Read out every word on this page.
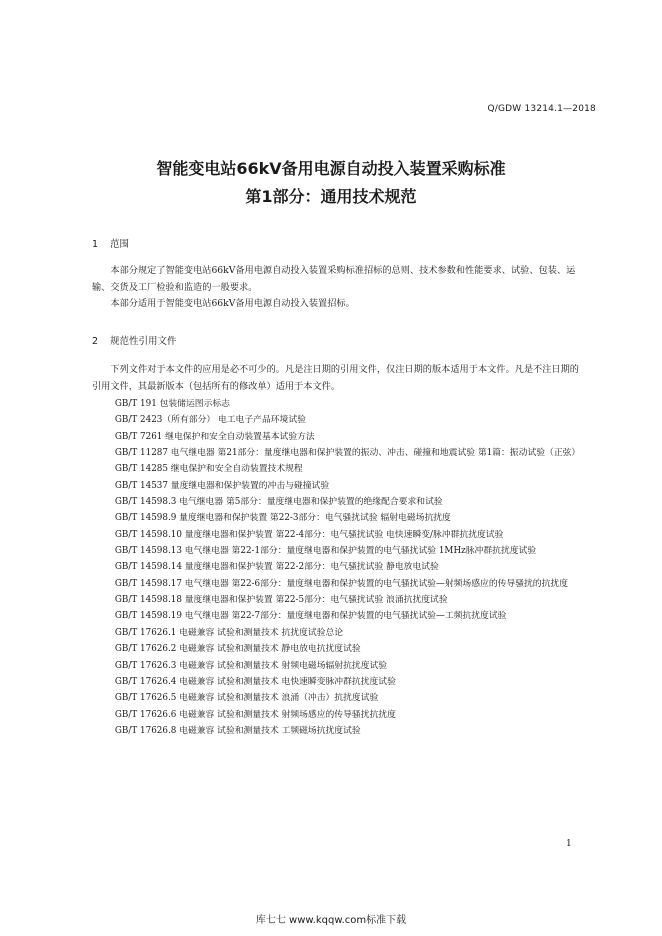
Q/GDW 13214.1—2018
智能变电站66kV备用电源自动投入装置采购标准
第1部分：通用技术规范
1 范围

本部分规定了智能变电站66kV备用电源自动投入装置采购标准招标的总则、技术参数和性能要求、试验、包装、运输、交货及工厂检验和监造的一般要求。

本部分适用于智能变电站66kV备用电源自动投入装置招标。

2 规范性引用文件

下列文件对于本文件的应用是必不可少的。凡是注日期的引用文件，仅注日期的版本适用于本文件。凡是不注日期的引用文件，其最新版本（包括所有的修改单）适用于本文件。

GB/T 191 包装储运图示标志
GB/T 2423（所有部分） 电工电子产品环境试验
GB/T 7261 继电保护和安全自动装置基本试验方法
GB/T 11287 电气继电器 第21部分：量度继电器和保护装置的振动、冲击、碰撞和地震试验 第1篇：振动试验（正弦）
GB/T 14285 继电保护和安全自动装置技术规程
GB/T 14537 量度继电器和保护装置的冲击与碰撞试验
GB/T 14598.3 电气继电器 第5部分：量度继电器和保护装置的绝缘配合要求和试验
GB/T 14598.9 量度继电器和保护装置 第22-3部分：电气骚扰试验 辐射电磁场抗扰度
GB/T 14598.10 量度继电器和保护装置 第22-4部分：电气骚扰试验 电快速瞬变/脉冲群抗扰度试验
GB/T 14598.13 电气继电器 第22-1部分：量度继电器和保护装置的电气骚扰试验 1MHz脉冲群抗扰度试验
GB/T 14598.14 量度继电器和保护装置 第22-2部分：电气骚扰试验 静电放电试验
GB/T 14598.17 电气继电器 第22-6部分：量度继电器和保护装置的电气骚扰试验—射频场感应的传导骚扰的抗扰度
GB/T 14598.18 量度继电器和保护装置 第22-5部分：电气骚扰试验 浪涌抗扰度试验
GB/T 14598.19 电气继电器 第22-7部分：量度继电器和保护装置的电气骚扰试验—工频抗扰度试验
GB/T 17626.1 电磁兼容 试验和测量技术 抗扰度试验总论
GB/T 17626.2 电磁兼容 试验和测量技术 静电放电抗扰度试验
GB/T 17626.3 电磁兼容 试验和测量技术 射频电磁场辐射抗扰度试验
GB/T 17626.4 电磁兼容 试验和测量技术 电快速瞬变脉冲群抗扰度试验
GB/T 17626.5 电磁兼容 试验和测量技术 浪涌（冲击）抗扰度试验
GB/T 17626.6 电磁兼容 试验和测量技术 射频场感应的传导骚扰抗扰度
GB/T 17626.8 电磁兼容 试验和测量技术 工频磁场抗扰度试验
1
库七七 www.kqqw.com标准下载
